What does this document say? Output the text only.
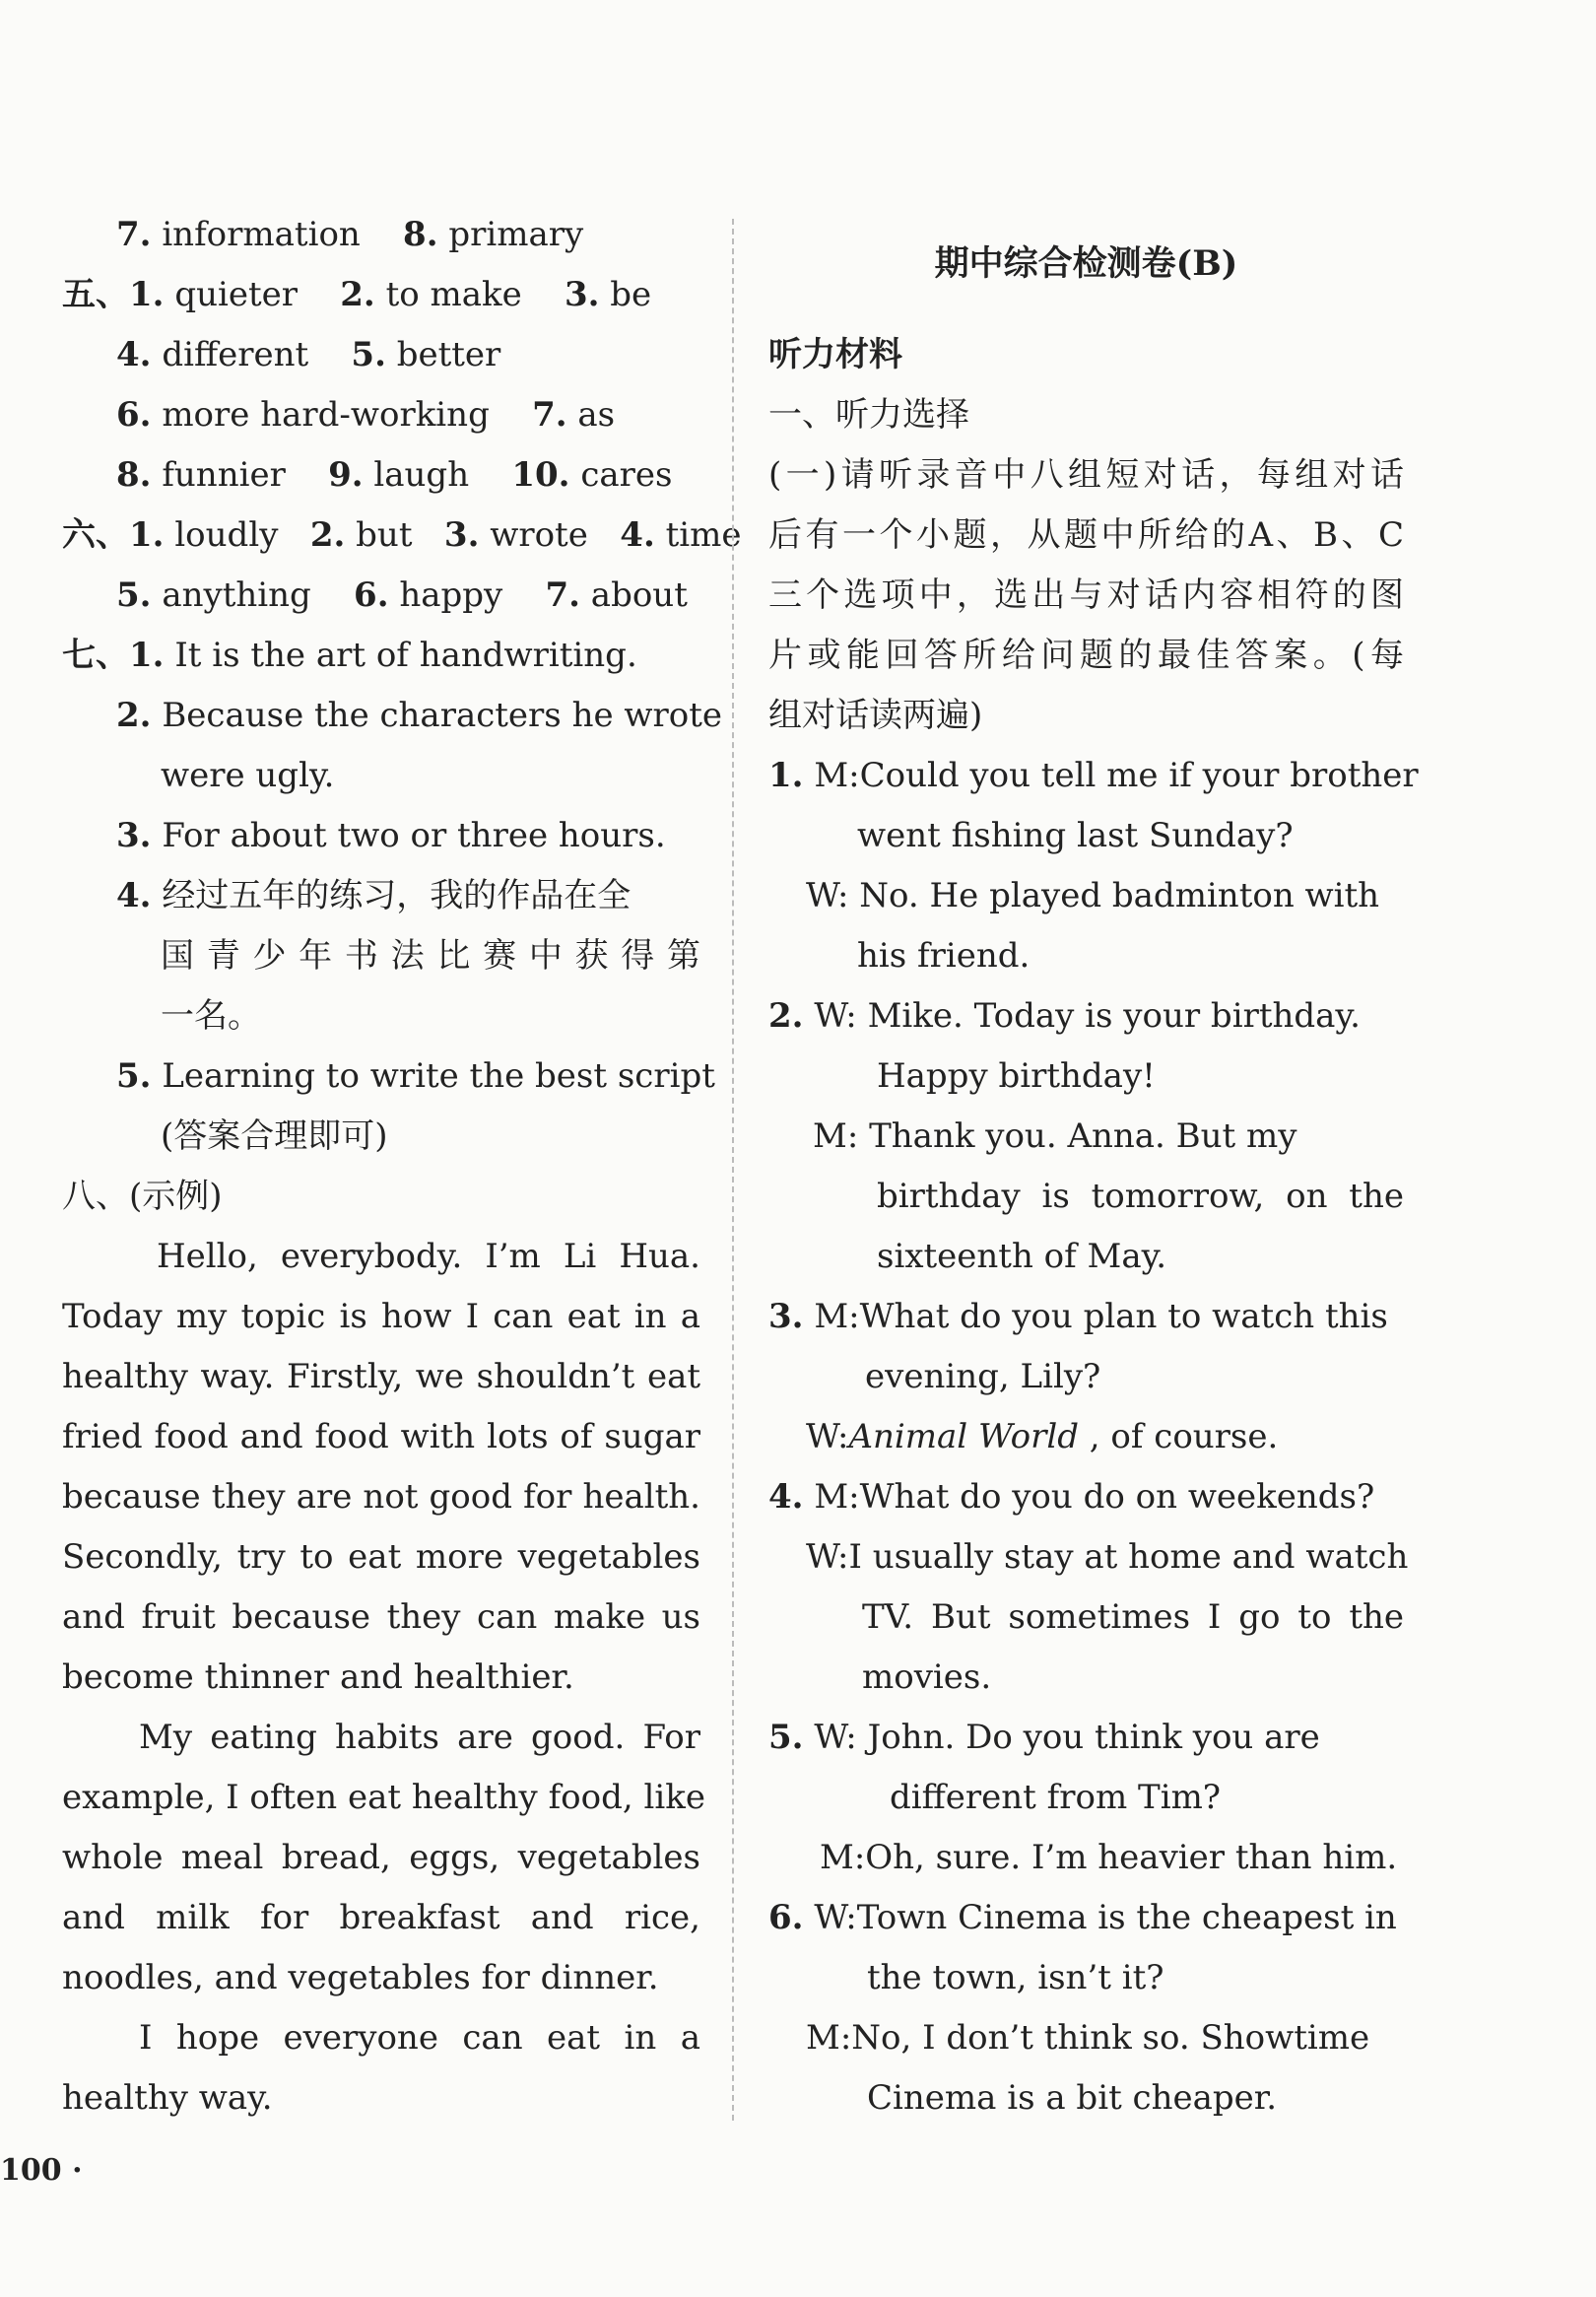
7. information 8. primary
五、1. quieter 2. to make 3. be
4. different 5. better
6. more hard-working 7. as
8. funnier 9. laugh 10. cares
六、1. loudly 2. but 3. wrote 4. time
5. anything 6. happy 7. about
七、1. It is the art of handwriting.
2. Because the characters he wrote
were ugly.
3. For about two or three hours.
4. 经过五年的练习，我的作品在全
国青少年书法比赛中获得第
一名。
5. Learning to write the best script
(答案合理即可)
八、(示例)
Hello, everybody. I’m Li Hua.
Today my topic is how I can eat in a
healthy way. Firstly, we shouldn’t eat
fried food and food with lots of sugar
because they are not good for health.
Secondly, try to eat more vegetables
and fruit because they can make us
become thinner and healthier.
My eating habits are good. For
example, I often eat healthy food, like
whole meal bread, eggs, vegetables
and milk for breakfast and rice,
noodles, and vegetables for dinner.
I hope everyone can eat in a
healthy way.
期中综合检测卷(B)
听力材料
一、听力选择
(一)请听录音中八组短对话，每组对话
后有一个小题，从题中所给的A、B、C
三个选项中，选出与对话内容相符的图
片或能回答所给问题的最佳答案。(每
组对话读两遍)
1. M:Could you tell me if your brother
went fishing last Sunday?
W: No. He played badminton with
his friend.
2. W: Mike. Today is your birthday.
Happy birthday!
M: Thank you. Anna. But my
birthday is tomorrow, on the
sixteenth of May.
3. M:What do you plan to watch this
evening, Lily?
W:Animal World , of course.
4. M:What do you do on weekends?
W:I usually stay at home and watch
TV. But sometimes I go to the
movies.
5. W: John. Do you think you are
different from Tim?
M:Oh, sure. I’m heavier than him.
6. W:Town Cinema is the cheapest in
the town, isn’t it?
M:No, I don’t think so. Showtime
Cinema is a bit cheaper.
100 ·
